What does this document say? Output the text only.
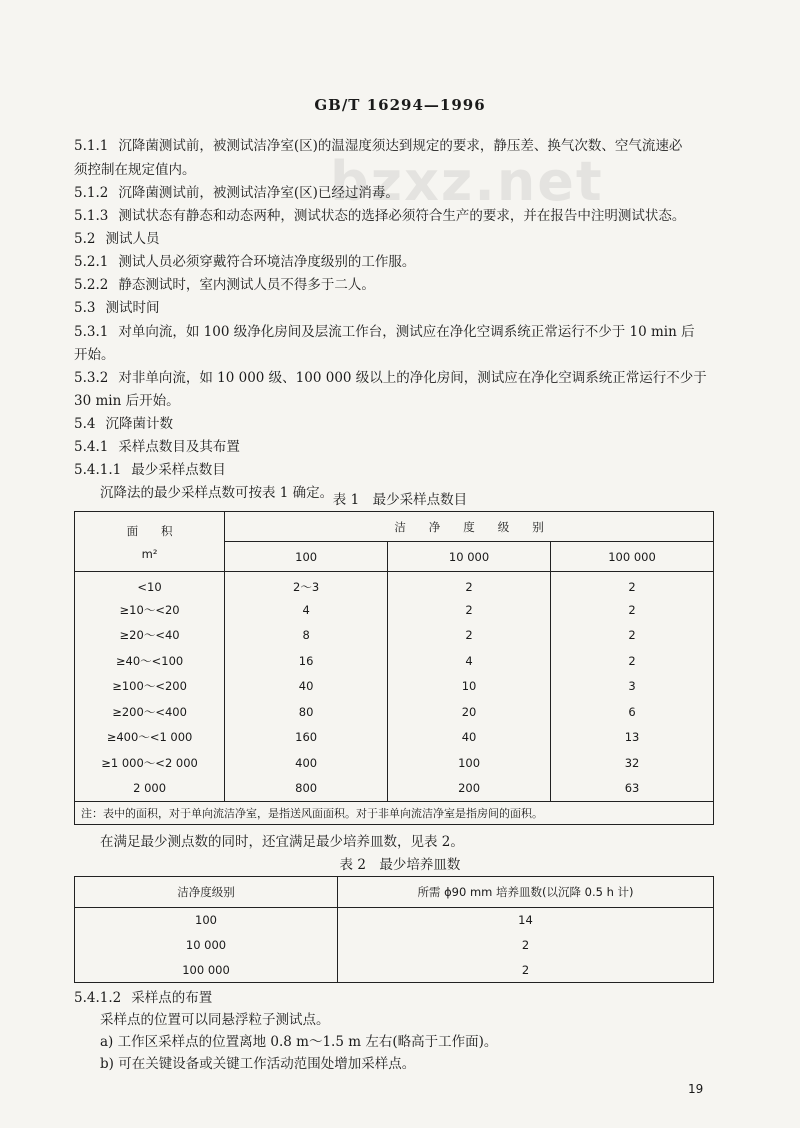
GB/T 16294—1996
bzxz.net
5.1.1 沉降菌测试前，被测试洁净室(区)的温湿度须达到规定的要求，静压差、换气次数、空气流速必
须控制在规定值内。
5.1.2 沉降菌测试前，被测试洁净室(区)已经过消毒。
5.1.3 测试状态有静态和动态两种，测试状态的选择必须符合生产的要求，并在报告中注明测试状态。
5.2 测试人员
5.2.1 测试人员必须穿戴符合环境洁净度级别的工作服。
5.2.2 静态测试时，室内测试人员不得多于二人。
5.3 测试时间
5.3.1 对单向流，如 100 级净化房间及层流工作台，测试应在净化空调系统正常运行不少于 10 min 后
开始。
5.3.2 对非单向流，如 10 000 级、100 000 级以上的净化房间，测试应在净化空调系统正常运行不少于
30 min 后开始。
5.4 沉降菌计数
5.4.1 采样点数目及其布置
5.4.1.1 最少采样点数目
沉降法的最少采样点数可按表 1 确定。 表 1　最少采样点数目
面　　积
m²	洁　　净　　度　　级　　别		
	100	10 000	100 000
<10	2～3	2	2
≥10～<20	4	2	2
≥20～<40	8	2	2
≥40～<100	16	4	2
≥100～<200	40	10	3
≥200～<400	80	20	6
≥400～<1 000	160	40	13
≥1 000～<2 000	400	100	32
2 000	800	200	63
注：表中的面积，对于单向流洁净室，是指送风面面积。对于非单向流洁净室是指房间的面积。			
在满足最少测点数的同时，还宜满足最少培养皿数，见表 2。
表 2　最少培养皿数
洁净度级别	所需 ϕ90 mm 培养皿数(以沉降 0.5 h 计)
100	14
10 000	2
100 000	2
5.4.1.2 采样点的布置
采样点的位置可以同悬浮粒子测试点。
a) 工作区采样点的位置离地 0.8 m～1.5 m 左右(略高于工作面)。
b) 可在关键设备或关键工作活动范围处增加采样点。
19
